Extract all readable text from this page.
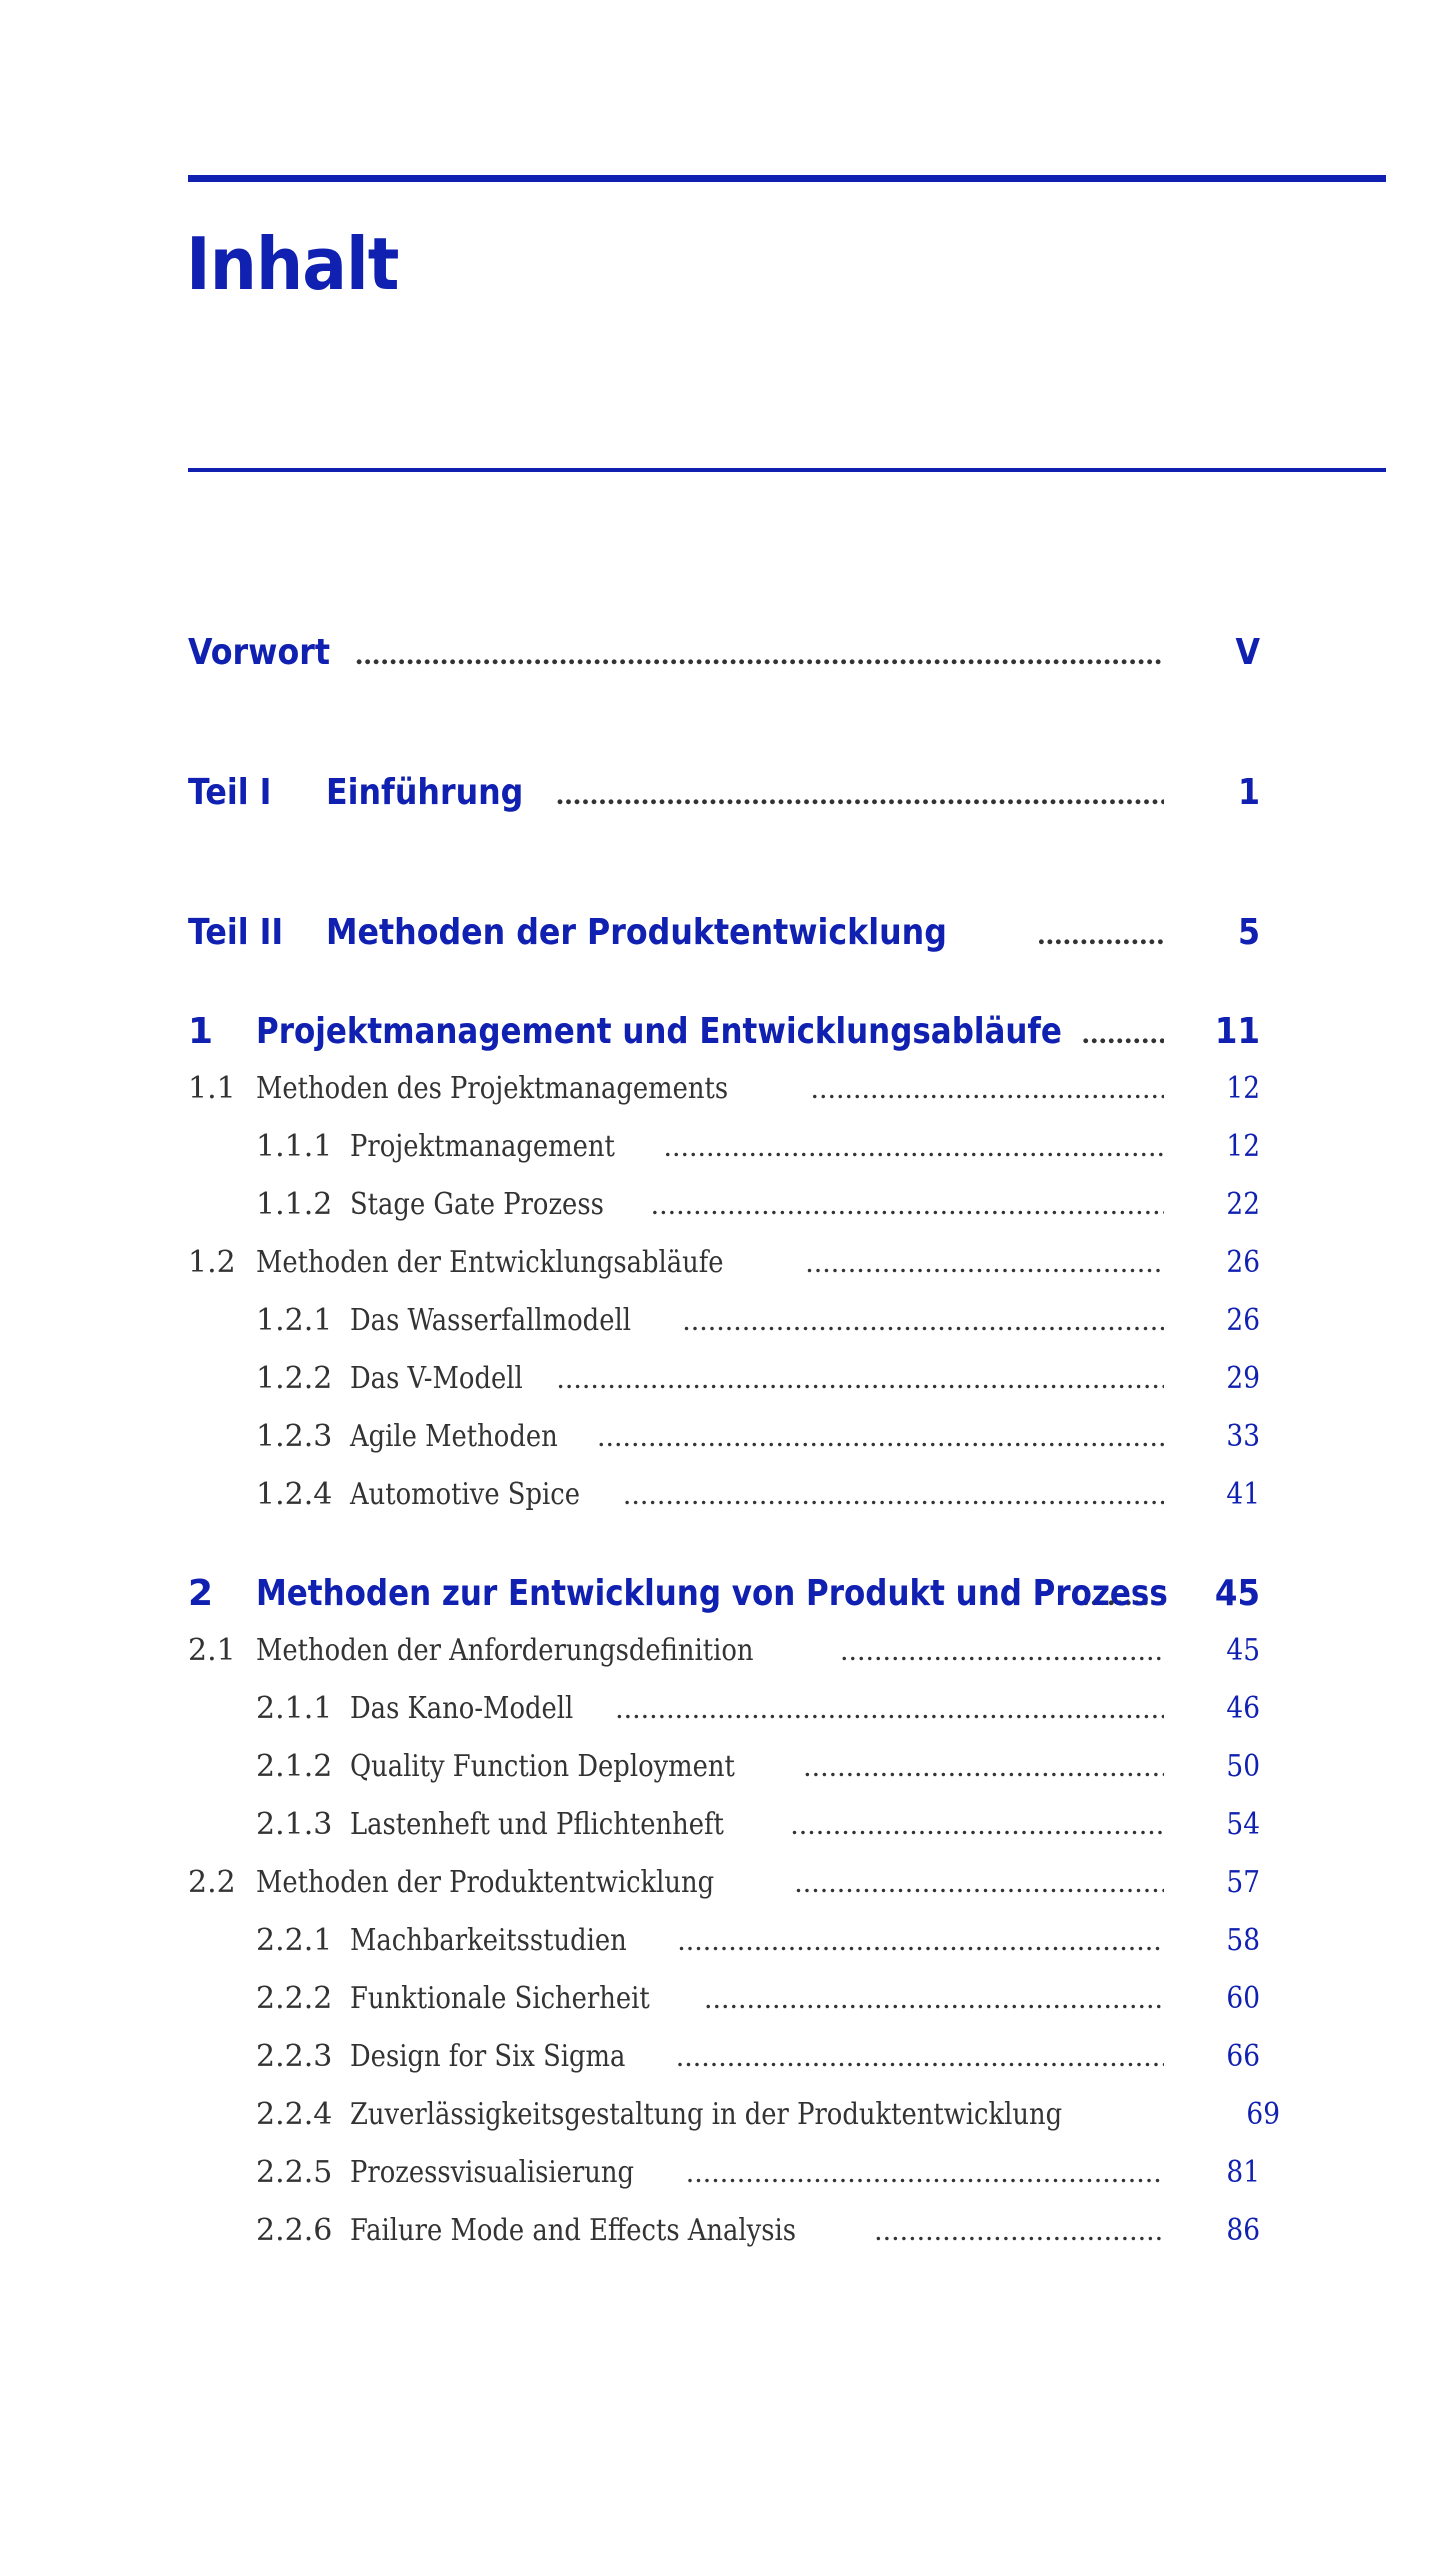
Inhalt
Vorwort .....	V
Teil I	Einführung .....	1
Teil II	Methoden der Produktentwicklung .....	5
1	Projektmanagement und Entwicklungsabläufe .....	11
1.1 Methoden des Projektmanagements .....	12
1.1.1 Projektmanagement .....	12
1.1.2 Stage Gate Prozess .....	22
1.2 Methoden der Entwicklungsabläufe .....	26
1.2.1 Das Wasserfallmodell .....	26
1.2.2 Das V-Modell .....	29
1.2.3 Agile Methoden .....	33
1.2.4 Automotive Spice .....	41
2	Methoden zur Entwicklung von Produkt und Prozess .....	45
2.1 Methoden der Anforderungsdefinition .....	45
2.1.1 Das Kano-Modell .....	46
2.1.2 Quality Function Deployment .....	50
2.1.3 Lastenheft und Pflichtenheft .....	54
2.2 Methoden der Produktentwicklung .....	57
2.2.1 Machbarkeitsstudien .....	58
2.2.2 Funktionale Sicherheit .....	60
2.2.3 Design for Six Sigma .....	66
2.2.4 Zuverlässigkeitsgestaltung in der Produktentwicklung	69
2.2.5 Prozessvisualisierung .....	81
2.2.6 Failure Mode and Effects Analysis .....	86
